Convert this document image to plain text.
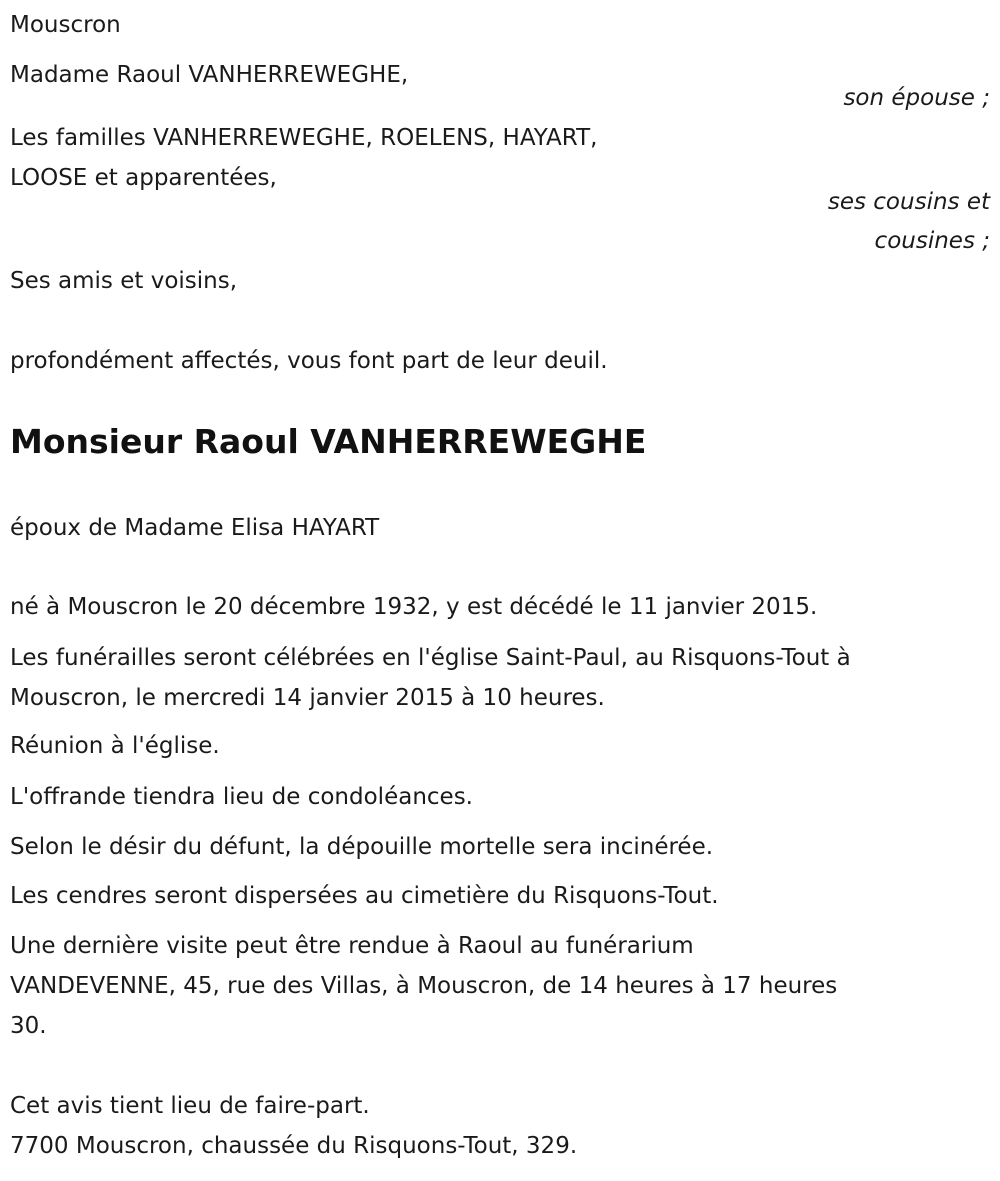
Mouscron
Madame Raoul VANHERREWEGHE,
son épouse ;
Les familles VANHERREWEGHE, ROELENS, HAYART,
LOOSE et apparentées,
ses cousins et
cousines ;
Ses amis et voisins,
profondément affectés, vous font part de leur deuil.
Monsieur Raoul VANHERREWEGHE
époux de Madame Elisa HAYART
né à Mouscron le 20 décembre 1932, y est décédé le 11 janvier 2015.
Les funérailles seront célébrées en l'église Saint-Paul, au Risquons-Tout à
Mouscron, le mercredi 14 janvier 2015 à 10 heures.
Réunion à l'église.
L'offrande tiendra lieu de condoléances.
Selon le désir du défunt, la dépouille mortelle sera incinérée.
Les cendres seront dispersées au cimetière du Risquons-Tout.
Une dernière visite peut être rendue à Raoul au funérarium
VANDEVENNE, 45, rue des Villas, à Mouscron, de 14 heures à 17 heures
30.
Cet avis tient lieu de faire-part.
7700 Mouscron, chaussée du Risquons-Tout, 329.
